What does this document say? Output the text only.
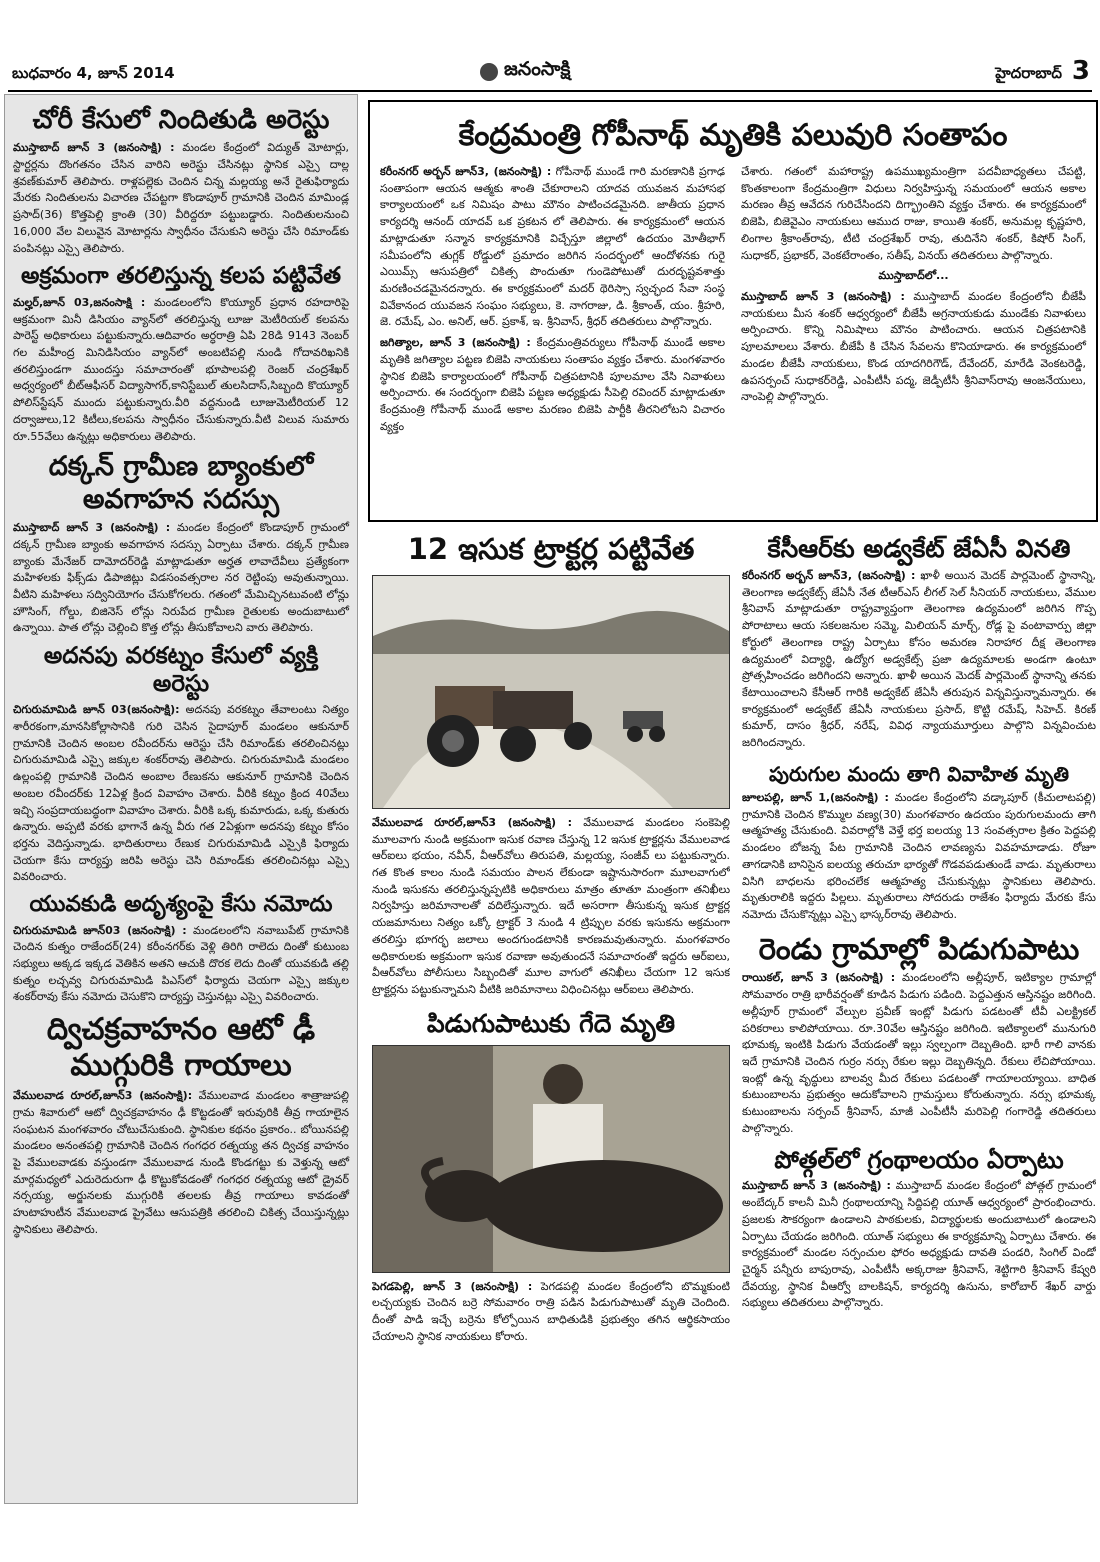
బుధవారం 4, జూన్ 2014	జనంసాక్షి	హైదరాబాద్ 3
చోరీ కేసులో నిందితుడి అరెస్టు

ముస్తాబాద్ జూన్ 3 (జనంసాక్షి) : మండల కేంద్రంలో విద్యుత్ మోటార్లు, స్టార్టర్లను దొంగతనం చేసిన వారిని అరెస్టు చేసినట్లు స్థానిక ఎస్సై దాల్ల శ్రవణ్‌కుమార్ తెలిపారు. రాళ్లపల్లెకు చెందిన చిన్న మల్లయ్య అనే రైతుఫిర్యాదు మేరకు నిందితులను విచారణ చేపట్టగా కొండాపూర్ గ్రామానికి చెందిన మామిండ్ల ప్రసాద్(36) కొత్తపెల్లి క్రాంతి (30) వీరిద్దరూ పట్టుబడ్డారు. నిందితులనుంచి 16,000 వేల విలువైన మోటార్లను స్వాధీనం చేసుకుని అరెస్టు చేసి రిమాండ్‌కు పంపినట్లు ఎస్సై తెలిపారు.

అక్రమంగా తరలిస్తున్న కలప పట్టివేత

మల్హర్,జూన్ 03,జనంసాక్షి : మండలంలోని కొయ్యూర్ ప్రధాన రహదారిపై ఆక్రమంగా మినీ డిసియం వ్యాన్‌లో తరలిస్తున్న లూజు మెటీరియల్ కలపను పారెస్ట్ అధికారులు పట్టుకున్నారు.ఆదివారం అర్ధరాత్రి ఏపి 28డి 9143 నెంబర్ గల మహీంద్ర మినిడిసియం వ్యాన్‌లో అంబటిపల్లి నుండి గోదావరిఖనికి తరలిస్తుండగా ముందస్తు సమాచారంతో భూపాలపల్లి రెంజర్ చంద్రశేఖర్ అధ్వర్యంలో బీట్‌ఆఫీసర్ విద్యాసాగర్,కానిస్టేబుల్ తులసిదాస్,సిబ్బంది కొయ్యూర్ పోలిస్‌స్టేషన్ ముందు పట్టుకున్నారు.వీరి వద్దనుండి లూజుమెటీరియల్ 12 దర్వాజులు,12 కిటీలు,కలపను స్వాధీనం చేసుకున్నారు.వీటి విలువ సుమారు రూ.55వేలు ఉన్నట్లు అధికారులు తెలిపారు.

దక్కన్ గ్రామీణ బ్యాంకులో అవగాహన సదస్సు

ముస్తాబాద్ జూన్ 3 (జనంసాక్షి) : మండల కేంద్రంలో కొండాపూర్ గ్రామంలో దక్కన్ గ్రామీణ బ్యాంకు అవగాహన సదస్సు ఏర్పాటు చేశారు. దక్కన్ గ్రామీణ బ్యాంకు మేనేజర్ దామోదర్‌రెడ్డి మాట్లాడుతూ అర్హత లావాదేవీలు ప్రత్యేకంగా మహిళలకు ఫిక్స్‌డు డిపాజిట్లు విడసంవత్సరాల నర రెట్టింపు అవుతున్నాయి. వీటిని మహిళలు సద్వినియోగం చేసుకోగలరు. గతంలో మేమిచ్చినటువంటి లోన్లు హౌసింగ్, గోల్డు, బిజినెస్ లోన్లు నిరుపేద గ్రామీణ రైతులకు అందుబాటులో ఉన్నాయి. పాత లోన్లు చెల్లించి కొత్త లోన్లు తీసుకోవాలని వారు తెలిపారు.

అదనపు వరకట్నం కేసులో వ్యక్తి అరెస్టు

చిగురుమామిడి జూన్ 03(జనంసాక్షి): అదనపు వరకట్నం తేవాలంటు నిత్యం శారీరకంగా,మానసికోల్లాసానికి గురి చెసిన సైదాపూర్ మండలం ఆకునూర్ గ్రామానికి చెందిన అంబల రవీందర్‌ను ఆరెస్టు చేసి రిమాండ్‌కు తరలించినట్లు చిగురుమామిడి ఎస్సై జక్కుల శంకర్‌రావు తెలిపారు. చిగురుమామిడి మండలం ఉల్లంపల్లి గ్రామానికి చెందిన అంబాల రేణుకను ఆకునూర్ గ్రామానికి చెందిన అంబల రవీందర్‌కు 12ఏళ్ల క్రింద వివాహం చెశారు. వీరికి కట్నం క్రింద 40వేలు ఇచ్చి సంప్రదాయబద్ధంగా వివాహం చెశారు. వీరికి ఒక్క కుమారుడు, ఒక్క కుతురు ఉన్నారు. అప్పటి వరకు భాగానే ఉన్న వీరు గత 2ఏళ్లుగా అదనపు కట్నం కోసం భర్తను వెదిస్తున్నాడు. భాదితురాలు రేణుక చిగురుమామిడి ఎస్సైకి ఫిర్యాదు చెయగా కేసు దార్యప్తు జరిపి అరెస్టు చెసి రిమాండ్‌కు తరలించినట్లు ఎస్సై వివరించారు.

యువకుడి అదృశ్యంపై కేసు నమోదు

చిగురుమామిడి జూన్03 (జనంసాక్షి) : మండలంలోని నవాబుపేట్ గ్రామానికి చెందిన కుత్నం రాజేందర్(24) కరీంనగర్‌కు వెళ్లి తిరిగి రాలెదు దింతో కుటుంబ సభ్యులు అక్కడ ఇక్కడ వెతికిన అతని ఆచుకి దొరక లెదు దింతో యువకుడి తల్లి కుత్నం లచ్చవ్వ చిగురుమామిడి పిఎస్‌లో ఫిర్యాదు చెయగా ఎస్సై జక్కుల శంకర్‌రావు కేసు నమోదు చెసుకొని దార్యప్తు చెస్తునట్లు ఎస్సై వివరించారు.

ద్విచక్రవాహనం ఆటో ఢీ ముగ్గురికి గాయాలు

వేములవాడ రూరల్,జూన్3 (జనంసాక్షి): వేములవాడ మండలం శాత్రాజుపల్లి గ్రామ శివారులో ఆటో ద్విచక్రవాహనం ఢీ కొట్టడంతో ఇరువురికి తీవ్ర గాయాలైన సంఘటన మంగళవారం చోటుచేసుకుంది. స్థానికుల కథనం ప్రకారం.. బోయినపల్లి మండలం అనంతపల్లి గ్రామానికి చెందిన గంగధర రత్నయ్య తన ద్విచక్ర వాహనం పై వేములవాడకు వస్తుండగా వేములవాడ నుండి కొండగట్టు కు వెళ్తున్న ఆటో మార్గమధ్యలో ఎదురెదురుగా ఢీ కొట్టుకోవడంతో గంగధర రత్నయ్య ఆటో డ్రైవర్ నర్సయ్య, అర్జునలకు ముగ్గురికి తలలకు తీవ్ర గాయాలు కావడంతో హుటాహుటీన వేములవాడ ప్రైవేటు ఆసుపత్రికి తరలించి చికిత్స చేయిస్తున్నట్లు స్థానికులు తెలిపారు.

కేంద్రమంత్రి గోపీనాథ్ మృతికి పలువురి సంతాపం

కరీంనగర్ అర్బన్ జూన్3, (జనంసాక్షి) : గోపీనాథ్ ముండే గారి మరణానికి ప్రగాఢ సంతాపంగా ఆయన ఆత్మకు శాంతి చేకూరాలని యాదవ యువజన మహాసభ కార్యాలయంలో ఒక నిమిషం పాటు మౌనం పాటించడమైనది. జాతీయ ప్రధాన కార్యదర్శి ఆనంద్ యాదవ్ ఒక ప్రకటన లో తెలిపారు. ఈ కార్యక్రమంలో ఆయన మాట్లాడుతూ సన్మాన కార్యక్రమానికి విచ్చేస్తూ జిల్లాలో ఉదయం మోతీభాగ్ సమీపంలోని తుగ్లక్ రోడ్డులో ప్రమాదం జరిగిన సందర్భంలో ఆందోళనకు గురై ఎయిమ్స్ ఆసుపత్రిలో చికిత్స పొందుతూ గుండెపోటుతో దురదృష్టవశాత్తు మరణించడమైనదన్నారు. ఈ కార్యక్రమంలో మదర్ థెరిస్సా స్వచ్ఛంద సేవా సంస్థ వివేకానంద యువజన సంఘం సభ్యులు, కె. నాగరాజు, డి. శ్రీకాంత్, యం. శ్రీహరి, జె. రమేష్, ఎం. అనిల్, ఆర్. ప్రకాశ్, ఇ. శ్రీనివాస్, శ్రీధర్ తదితరులు పాల్గొన్నారు.

జగిత్యాల, జూన్ 3 (జనంసాక్షి) : కేంద్రమంత్రివర్యులు గోపీనాథ్ ముండే అకాల మృతికి జగిత్యాల పట్టణ బిజెపి నాయకులు సంతాపం వ్యక్తం చేశారు. మంగళవారం స్థానిక బిజెపి కార్యాలయంలో గోపీనాథ్ చిత్రపటానికి పూలమాల వేసి నివాళులు అర్పించారు. ఈ సందర్భంగా బిజెపి పట్టణ అధ్యక్షుడు సీపెల్లి రవిందర్ మాట్లాడుతూ కేంద్రమంత్రి గోపీనాథ్ ముండే అకాల మరణం బిజెపి పార్టీకి తీరనిలోటని విచారం వ్యక్తం

చేశారు. గతంలో మహారాష్ట్ర ఉపముఖ్యమంత్రిగా పదవీబాధ్యతలు చేపట్టి, కొంతకాలంగా కేంద్రమంత్రిగా విధులు నిర్వహిస్తున్న సమయంలో ఆయన అకాల మరణం తీవ్ర ఆవేదన గురిచేసిందని దిగ్భ్రాంతిని వ్యక్తం చేశారు. ఈ కార్యక్రమంలో బిజెపి, బిజెవైఎం నాయకులు ఆముద రాజు, కాయితి శంకర్, అనుమల్ల కృష్ణహరి, లింగాల శ్రీకాంత్‌రావు, టీటి చంద్రశేఖర్ రావు, తుదినేని శంకర్, కిషోర్ సింగ్, సుధాకర్, ప్రభాకర్, వెంకటేరాంతం, సతీష్, వినయ్ తదితరులు పాల్గొన్నారు.

ముస్తాబాద్‌లో...

ముస్తాబాద్ జూన్ 3 (జనంసాక్షి) : ముస్తాబాద్ మండల కేంద్రంలోని బీజేపీ నాయకులు మీస శంకర్ ఆధ్వర్యంలో బీజేపీ అగ్రనాయకుడు ముండేకు నివాళులు అర్పించారు. కొన్ని నిమిషాలు మౌనం పాటించారు. ఆయన చిత్రపటానికి పూలమాలలు వేశారు. బీజేపీ కి చేసిన సేవలను కొనియాడారు. ఈ కార్యక్రమంలో మండల బీజేపీ నాయకులు, కొండ యాదగిరిగౌడ్, దేవేందర్, మారేడి వెంకటరెడ్డి, ఉపసర్పంచ్ సుధాకర్‌రెడ్డి, ఎంపీటీసీ పద్మ, జెడ్పీటీసీ శ్రీనివాస్‌రావు ఆంజనేయులు, నాంపెల్లి పాల్గొన్నారు.

12 ఇసుక ట్రాక్టర్ల పట్టివేత

వేములవాడ రూరల్,జూన్3 (జనంసాక్షి) : వేములవాడ మండలం సంకెపెల్లి మూలవాగు నుండి అక్రమంగా ఇసుక రవాణ చేస్తున్న 12 ఇసుక ట్రాక్టర్లను వేములవాడ ఆర్‌ఐలు భయం, నవీన్, వీఆర్‌వోలు తిరుపతి, మల్లయ్య, సంజీవ్ లు పట్టుకున్నారు. గత కొంత కాలం నుండి సమయం పాలన లేకుండా ఇష్టానుసారంగా మూలవాగులో నుండి ఇసుకను తరలిస్తున్నప్పటికి అధికారులు మాత్రం తూతూ మంత్రంగా తనిఖీలు నిర్వహిస్తు జరిమానాలతో వదిలేస్తున్నారు. ఇదే అసరాగా తీసుకున్న ఇసుక ట్రాక్టర్ల యజమానులు నిత్యం ఒక్కో ట్రాక్టర్ 3 నుండి 4 ట్రిప్పుల వరకు ఇసుకను అక్రమంగా తరలిస్తు భూగర్భ జలాలు అందగుండటానికి కారణమవుతున్నారు. మంగళవారం అధికారులకు అక్రమంగా ఇసుక రవాణా అవుతుందనే సమాచారంతో ఇద్దరు ఆర్‌ఐలు, వీఆర్‌వోలు పోలీసులు సిబ్బందితో మూల వాగులో తనిఖీలు చేయగా 12 ఇసుక ట్రాక్టర్లను పట్టుకున్నామని వీటికి జరిమానాలు విధించినట్లు ఆర్‌ఐలు తెలిపారు.

పిడుగుపాటుకు గేదె మృతి

పెగడపెల్లి, జూన్ 3 (జనంసాక్షి) : పెగడపల్లి మండల కేంద్రంలోని బొమ్మకుంటి లచ్చయ్యకు చెందిన బర్రె సోమవారం రాత్రి పడిన పిడుగుపాటుతో మృతి చెందింది. దీంతో పాడి ఇచ్చే బర్రెను కోల్పోయిన బాధితుడికి ప్రభుత్వం తగిన ఆర్థికసాయం చేయాలని స్థానిక నాయకులు కోరారు.

కేసీఆర్‌కు అడ్వకేట్ జేఏసీ వినతి

కరీంనగర్ అర్బన్ జూన్3, (జనంసాక్షి) : ఖాళీ అయిన మెదక్ పార్లమెంట్ స్థానాన్ని, తెలంగాణ అడ్వకేట్స్ జేఏసీ నేత టీఆర్‌ఎస్ లీగల్ సెల్ సీనియర్ నాయకులు, వేముల శ్రీనివాస్ మాట్లాడుతూ రాష్ట్రవ్యాప్తంగా తెలంగాణ ఉద్యమంలో జరిగిన గొప్ప పోరాటాలు ఆయ సకలజనుల సమ్మె, మిలియన్ మార్చ్, రోడ్ల పై వంటావార్పు జిల్లా కోర్టులో తెలంగాణ రాష్ట్ర ఏర్పాటు కోసం అమరణ నిరాహార దీక్ష తెలంగాణ ఉద్యమంలో విద్యార్థి, ఉద్యోగ అడ్వకేట్స్ ప్రజా ఉద్యమాలకు అండగా ఉంటూ ప్రోత్సహించడం జరిగిందని అన్నారు. ఖాళీ అయిన మెదక్ పార్లమెంట్ స్థానాన్ని తనకు కేటాయించాలని కేసీఆర్ గారికి అడ్వకేట్ జేఏసీ తరుపున విన్నవిస్తున్నామన్నారు. ఈ కార్యక్రమంలో అడ్వకేట్ జేఏసీ నాయకులు ప్రసాద్, కొట్టి రమేష్, సిహెచ్. కిరణ్ కుమార్, దాసం శ్రీధర్, నరేష్, వివిధ న్యాయమూర్తులు పాల్గొని విన్నవించుట జరిగిందన్నారు.

పురుగుల మందు తాగి వివాహిత మృతి

జూలపల్లి, జూన్ 1,(జనంసాక్షి) : మండల కేంద్రంలోని వడ్కాపూర్ (కీచులాటపల్లి) గ్రామానికి చెందిన కొమ్ముల వణ్య(30) మంగళవారం ఉదయం పురుగులమందు తాగి ఆత్మహత్య చేసుకుంది. వివరాల్లోకి వెళ్తే భర్త ఐలయ్య 13 సంవత్సరాల క్రితం పెద్దపల్లి మండలం బోజన్న పేట గ్రామానికి చెందిన లావణ్యను వివహమాడాడు. రోజూ తాగడానికి బానిసైన ఐలయ్య తరుచూ భార్యతో గొడవపడుతుండే వాడు. మృతురాలు విసిగి బాధలను భరించలేక ఆత్మహత్య చేసుకున్నట్లు స్థానికులు తెలిపారు. మృతురాలికి ఇద్దరు పిల్లలు. మృతురాలు సోదరుడు రాజేశం ఫిర్యాదు మేరకు కేసు నమోదు చేసుకొన్నట్లు ఎస్సై భాస్కర్‌రావు తెలిపారు.

రెండు గ్రామాల్లో పిడుగుపాటు

రాయికల్, జూన్ 3 (జనంసాక్షి) : మండలంలోని అల్లీపూర్, ఇటిక్యాల గ్రామాల్లో సోమవారం రాత్రి భారీవర్షంతో కూడిన పిడుగు పడింది. పెద్దఎత్తున ఆస్తినష్టం జరిగింది. అల్లీపూర్ గ్రామంలో వేల్పుల ప్రవీణ్ ఇంట్లో పిడుగు పడటంతో టీవీ ఎలక్ట్రికల్ పరికరాలు కాలిపోయాయి. రూ.30వేల ఆస్తినష్టం జరిగింది. ఇటిక్యాలలో మునుగురి భూమక్క ఇంటికి పిడుగు వేయడంతో ఇల్లు స్వల్పంగా దెబ్బతింది. భారీ గాలి వానకు ఇదే గ్రామానికి చెందిన గుర్రం నర్సు రేకుల ఇల్లు దెబ్బతిన్నది. రేకులు లేచిపోయాయి. ఇంట్లో ఉన్న వృద్ధులు బాలవ్వ మీద రేకులు పడటంతో గాయాలయ్యాయి. బాధిత కుటుంబాలను ప్రభుత్వం ఆదుకోవాలని గ్రామస్తులు కోరుతున్నారు. నర్సు భూమక్క కుటుంబాలను సర్పంచ్ శ్రీనివాస్, మాజీ ఎంపీటీసీ మరిపెల్లి గంగారెడ్డి తదితరులు పాల్గొన్నారు.

పోత్గల్‌లో గ్రంథాలయం ఏర్పాటు

ముస్తాబాద్ జూన్ 3 (జనంసాక్షి) : ముస్తాబాద్ మండల కేంద్రంలో పోత్గల్ గ్రామంలో అంబేద్కర్ కాలనీ మినీ గ్రంథాలయాన్ని సిద్దిపల్లి యూత్ ఆధ్వర్యంలో ప్రారంభించారు. ప్రజలకు సౌకర్యంగా ఉండాలని పాఠకులకు, విద్యార్థులకు అందుబాటులో ఉండాలని ఏర్పాటు చేయడం జరిగింది. యూత్ సభ్యులు ఈ కార్యక్రమాన్ని ఏర్పాటు చేశారు. ఈ కార్యక్రమంలో మండల సర్పంచుల ఫోరం అధ్యక్షుడు దావతి పండరి, సింగిల్ విండో చైర్మన్ పన్నీరు బాపురావు, ఎంపీటీసీ అక్కరాజు శ్రీనివాస్, శెట్టిగారి శ్రీనివాస్ కేష్వరి దేవయ్య, స్థానిక వీఆర్వో బాలకిషన్, కార్యదర్శి ఉసును, కారోబార్ శేఖర్ వార్డు సభ్యులు తదితరులు పాల్గొన్నారు.
